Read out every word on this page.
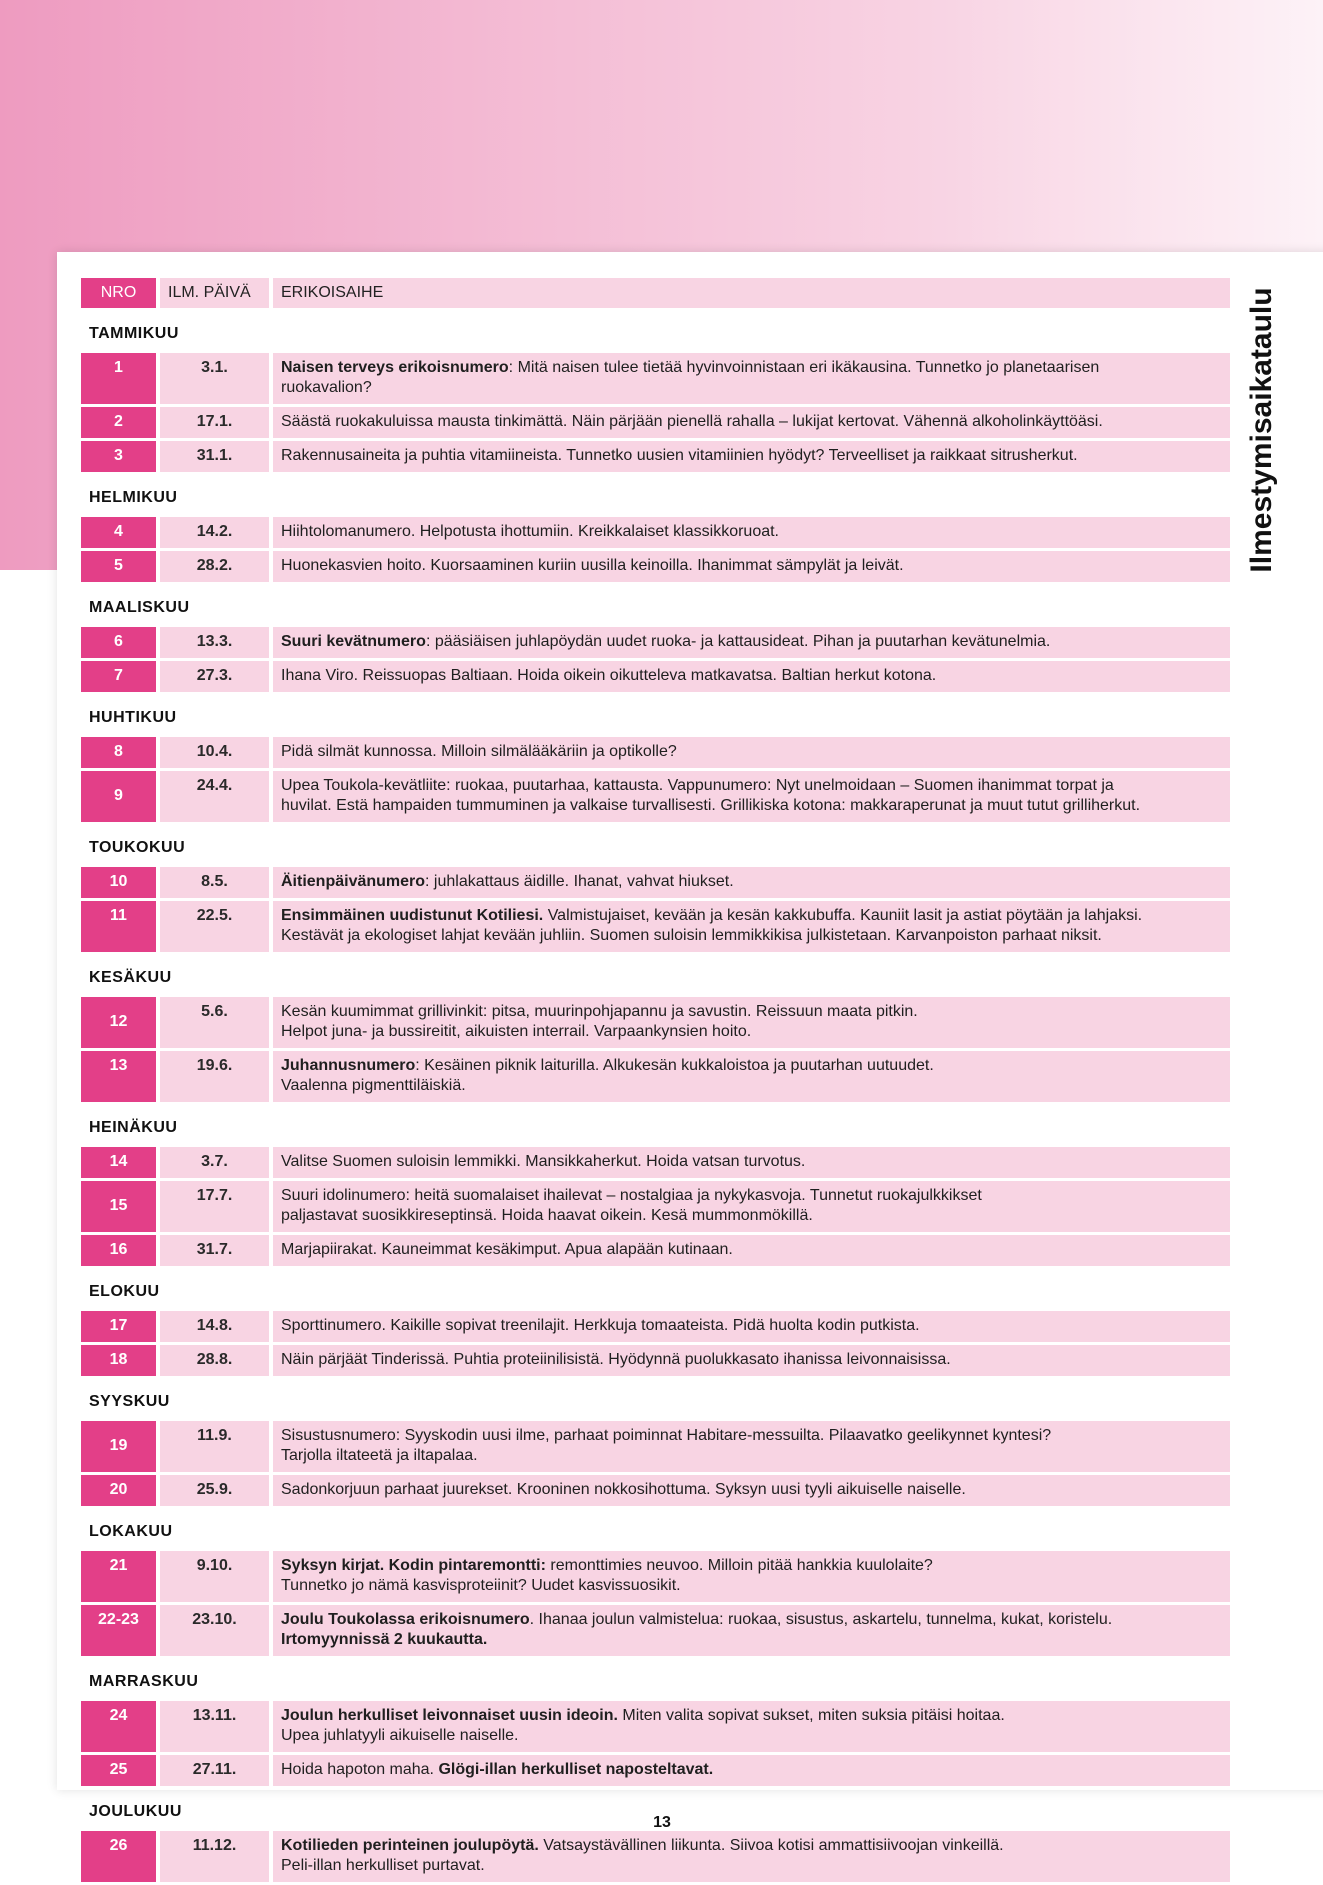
Ilmestymisaikataulu
NRO	ILM. PÄIVÄ	ERIKOISAIHE
TAMMIKUU		
1	3.1.	Naisen terveys erikoisnumero: Mitä naisen tulee tietää hyvinvoinnistaan eri ikäkausina. Tunnetko jo planetaarisen
ruokavalion?
2	17.1.	Säästä ruokakuluissa mausta tinkimättä. Näin pärjään pienellä rahalla – lukijat kertovat. Vähennä alkoholinkäyttöäsi.
3	31.1.	Rakennusaineita ja puhtia vitamiineista. Tunnetko uusien vitamiinien hyödyt? Terveelliset ja raikkaat sitrusherkut.
HELMIKUU		
4	14.2.	Hiihtolomanumero. Helpotusta ihottumiin. Kreikkalaiset klassikkoruoat.
5	28.2.	Huonekasvien hoito. Kuorsaaminen kuriin uusilla keinoilla. Ihanimmat sämpylät ja leivät.
MAALISKUU		
6	13.3.	Suuri kevätnumero: pääsiäisen juhlapöydän uudet ruoka- ja kattausideat. Pihan ja puutarhan kevätunelmia.
7	27.3.	Ihana Viro. Reissuopas Baltiaan. Hoida oikein oikutteleva matkavatsa. Baltian herkut kotona.
HUHTIKUU		
8	10.4.	Pidä silmät kunnossa. Milloin silmälääkäriin ja optikolle?
9	24.4.	Upea Toukola-kevätliite: ruokaa, puutarhaa, kattausta. Vappunumero: Nyt unelmoidaan – Suomen ihanimmat torpat ja
huvilat. Estä hampaiden tummuminen ja valkaise turvallisesti. Grillikiska kotona: makkaraperunat ja muut tutut grilliherkut.
TOUKOKUU		
10	8.5.	Äitienpäivänumero: juhlakattaus äidille. Ihanat, vahvat hiukset.
11	22.5.	Ensimmäinen uudistunut Kotiliesi. Valmistujaiset, kevään ja kesän kakkubuffa. Kauniit lasit ja astiat pöytään ja lahjaksi.
Kestävät ja ekologiset lahjat kevään juhliin. Suomen suloisin lemmikkikisa julkistetaan. Karvanpoiston parhaat niksit.
KESÄKUU		
12	5.6.	Kesän kuumimmat grillivinkit: pitsa, muurinpohjapannu ja savustin. Reissuun maata pitkin.
Helpot juna- ja bussireitit, aikuisten interrail. Varpaankynsien hoito.
13	19.6.	Juhannusnumero: Kesäinen piknik laiturilla. Alkukesän kukkaloistoa ja puutarhan uutuudet.
Vaalenna pigmenttiläiskiä.
HEINÄKUU		
14	3.7.	Valitse Suomen suloisin lemmikki. Mansikkaherkut. Hoida vatsan turvotus.
15	17.7.	Suuri idolinumero: heitä suomalaiset ihailevat – nostalgiaa ja nykykasvoja. Tunnetut ruokajulkkikset
paljastavat suosikkireseptinsä. Hoida haavat oikein. Kesä mummonmökillä.
16	31.7.	Marjapiirakat. Kauneimmat kesäkimput. Apua alapään kutinaan.
ELOKUU		
17	14.8.	Sporttinumero. Kaikille sopivat treenilajit. Herkkuja tomaateista. Pidä huolta kodin putkista.
18	28.8.	Näin pärjäät Tinderissä. Puhtia proteiinilisistä. Hyödynnä puolukkasato ihanissa leivonnaisissa.
SYYSKUU		
19	11.9.	Sisustusnumero: Syyskodin uusi ilme, parhaat poiminnat Habitare-messuilta. Pilaavatko geelikynnet kyntesi?
Tarjolla iltateetä ja iltapalaa.
20	25.9.	Sadonkorjuun parhaat juurekset. Krooninen nokkosihottuma. Syksyn uusi tyyli aikuiselle naiselle.
LOKAKUU		
21	9.10.	Syksyn kirjat. Kodin pintaremontti: remonttimies neuvoo. Milloin pitää hankkia kuulolaite?
Tunnetko jo nämä kasvisproteiinit? Uudet kasvissuosikit.
22-23	23.10.	Joulu Toukolassa erikoisnumero. Ihanaa joulun valmistelua: ruokaa, sisustus, askartelu, tunnelma, kukat, koristelu.
Irtomyynnissä 2 kuukautta.
MARRASKUU		
24	13.11.	Joulun herkulliset leivonnaiset uusin ideoin. Miten valita sopivat sukset, miten suksia pitäisi hoitaa.
Upea juhlatyyli aikuiselle naiselle.
25	27.11.	Hoida hapoton maha. Glögi-illan herkulliset naposteltavat.
JOULUKUU		
26	11.12.	Kotilieden perinteinen joulupöytä. Vatsaystävällinen liikunta. Siivoa kotisi ammattisiivoojan vinkeillä.
Peli-illan herkulliset purtavat.
13
